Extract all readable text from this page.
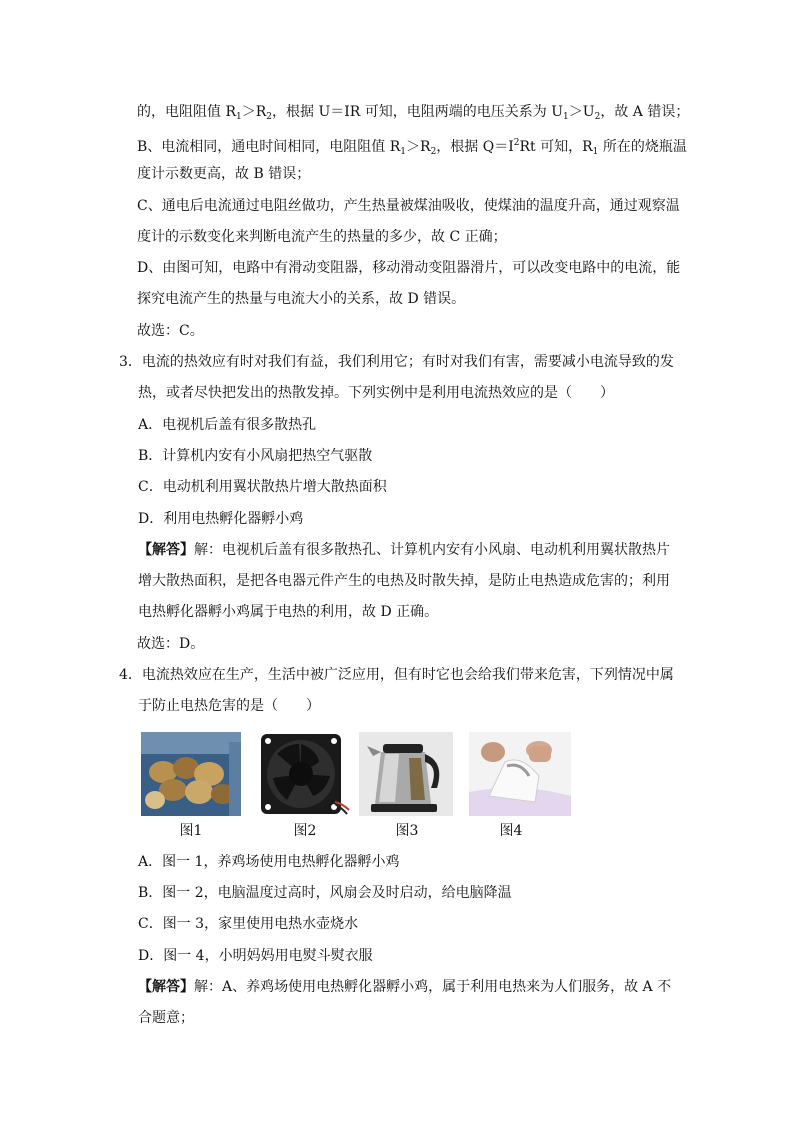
的，电阻阻值 $R_1>R_2$，根据 U＝IR 可知，电阻两端的电压关系为 $U_1>U_2$，故 A 错误；
B、电流相同，通电时间相同，电阻阻值 $R_1>R_2$，根据 $Q=I^2Rt$ 可知，$R_1$ 所在的烧瓶温
度计示数更高，故 B 错误；
C、通电后电流通过电阻丝做功，产生热量被煤油吸收，使煤油的温度升高，通过观察温
度计的示数变化来判断电流产生的热量的多少，故 C 正确；
D、由图可知，电路中有滑动变阻器，移动滑动变阻器滑片，可以改变电路中的电流，能
探究电流产生的热量与电流大小的关系，故 D 错误。
故选：C。
3．电流的热效应有时对我们有益，我们利用它；有时对我们有害，需要减小电流导致的发
热，或者尽快把发出的热散发掉。下列实例中是利用电流热效应的是（　　）
A．电视机后盖有很多散热孔
B．计算机内安有小风扇把热空气驱散
C．电动机利用翼状散热片增大散热面积
D．利用电热孵化器孵小鸡
【解答】解：电视机后盖有很多散热孔、计算机内安有小风扇、电动机利用翼状散热片
增大散热面积，是把各电器元件产生的电热及时散失掉，是防止电热造成危害的；利用
电热孵化器孵小鸡属于电热的利用，故 D 正确。
故选：D。
4．电流热效应在生产，生活中被广泛应用，但有时它也会给我们带来危害，下列情况中属
于防止电热危害的是（　　）
图1	图2	图3	图4
A．图一 1，养鸡场使用电热孵化器孵小鸡
B．图一 2，电脑温度过高时，风扇会及时启动，给电脑降温
C．图一 3，家里使用电热水壶烧水
D．图一 4，小明妈妈用电熨斗熨衣服
【解答】解：A、养鸡场使用电热孵化器孵小鸡，属于利用电热来为人们服务，故 A 不
合题意；
